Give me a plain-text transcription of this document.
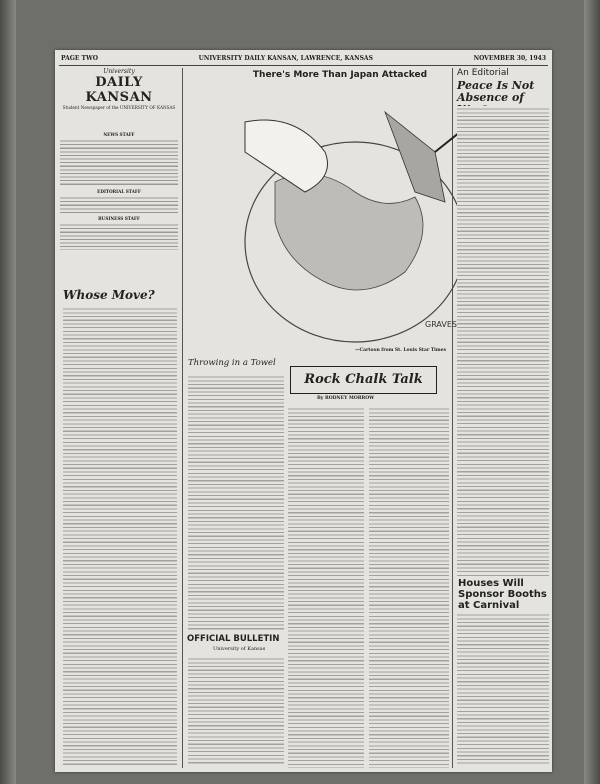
PAGE TWO	UNIVERSITY DAILY KANSAN, LAWRENCE, KANSAS	NOVEMBER 30, 1943
University
DAILY KANSAN
Student Newspaper of the UNIVERSITY OF KANSAS
NEWS STAFF
EDITORIAL STAFF
BUSINESS STAFF
There's More Than Japan Attacked
GRAVES
—Cartoon from St. Louis Star Times
An Editorial
Peace Is Not Absence of
Whose Move?
Throwing in a Towel
Rock Chalk Talk
By RODNEY MORROW
OFFICIAL BULLETIN
University of Kansas
Houses Will Sponsor Booths at Carnival
